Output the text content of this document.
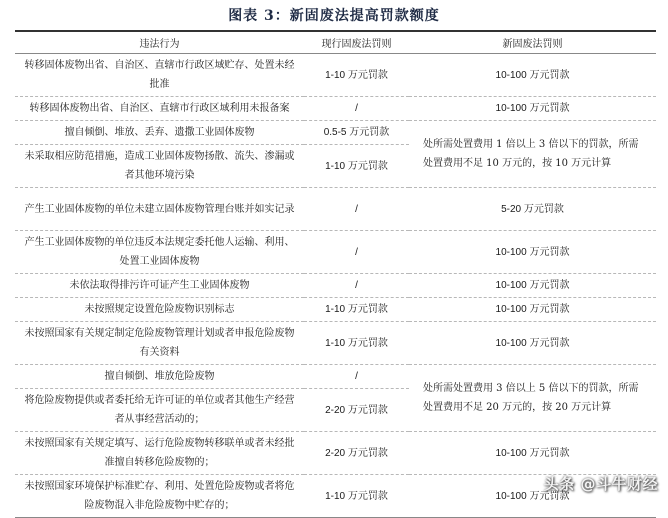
图表 3：新固废法提高罚款额度
违法行为	现行固废法罚则	新固废法罚则
转移固体废物出省、自治区、直辖市行政区域贮存、处置未经批准	1-10 万元罚款	10-100 万元罚款
转移固体废物出省、自治区、直辖市行政区域利用未报备案	/	10-100 万元罚款
擅自倾倒、堆放、丢弃、遗撒工业固体废物	0.5-5 万元罚款	处所需处置费用 1 倍以上 3 倍以下的罚款，所需处置费用不足 10 万元的，按 10 万元计算
未采取相应防范措施，造成工业固体废物扬散、流失、渗漏或者其他环境污染	1-10 万元罚款	
产生工业固体废物的单位未建立固体废物管理台账并如实记录	/	5-20 万元罚款
产生工业固体废物的单位违反本法规定委托他人运输、利用、处置工业固体废物	/	10-100 万元罚款
未依法取得排污许可证产生工业固体废物	/	10-100 万元罚款
未按照规定设置危险废物识别标志	1-10 万元罚款	10-100 万元罚款
未按照国家有关规定制定危险废物管理计划或者申报危险废物有关资料	1-10 万元罚款	10-100 万元罚款
擅自倾倒、堆放危险废物	/	处所需处置费用 3 倍以上 5 倍以下的罚款，所需处置费用不足 20 万元的，按 20 万元计算
将危险废物提供或者委托给无许可证的单位或者其他生产经营者从事经营活动的；	2-20 万元罚款	
未按照国家有关规定填写、运行危险废物转移联单或者未经批准擅自转移危险废物的；	2-20 万元罚款	10-100 万元罚款
未按照国家环境保护标准贮存、利用、处置危险废物或者将危险废物混入非危险废物中贮存的；	1-10 万元罚款	10-100 万元罚款
头条 @斗牛财经
